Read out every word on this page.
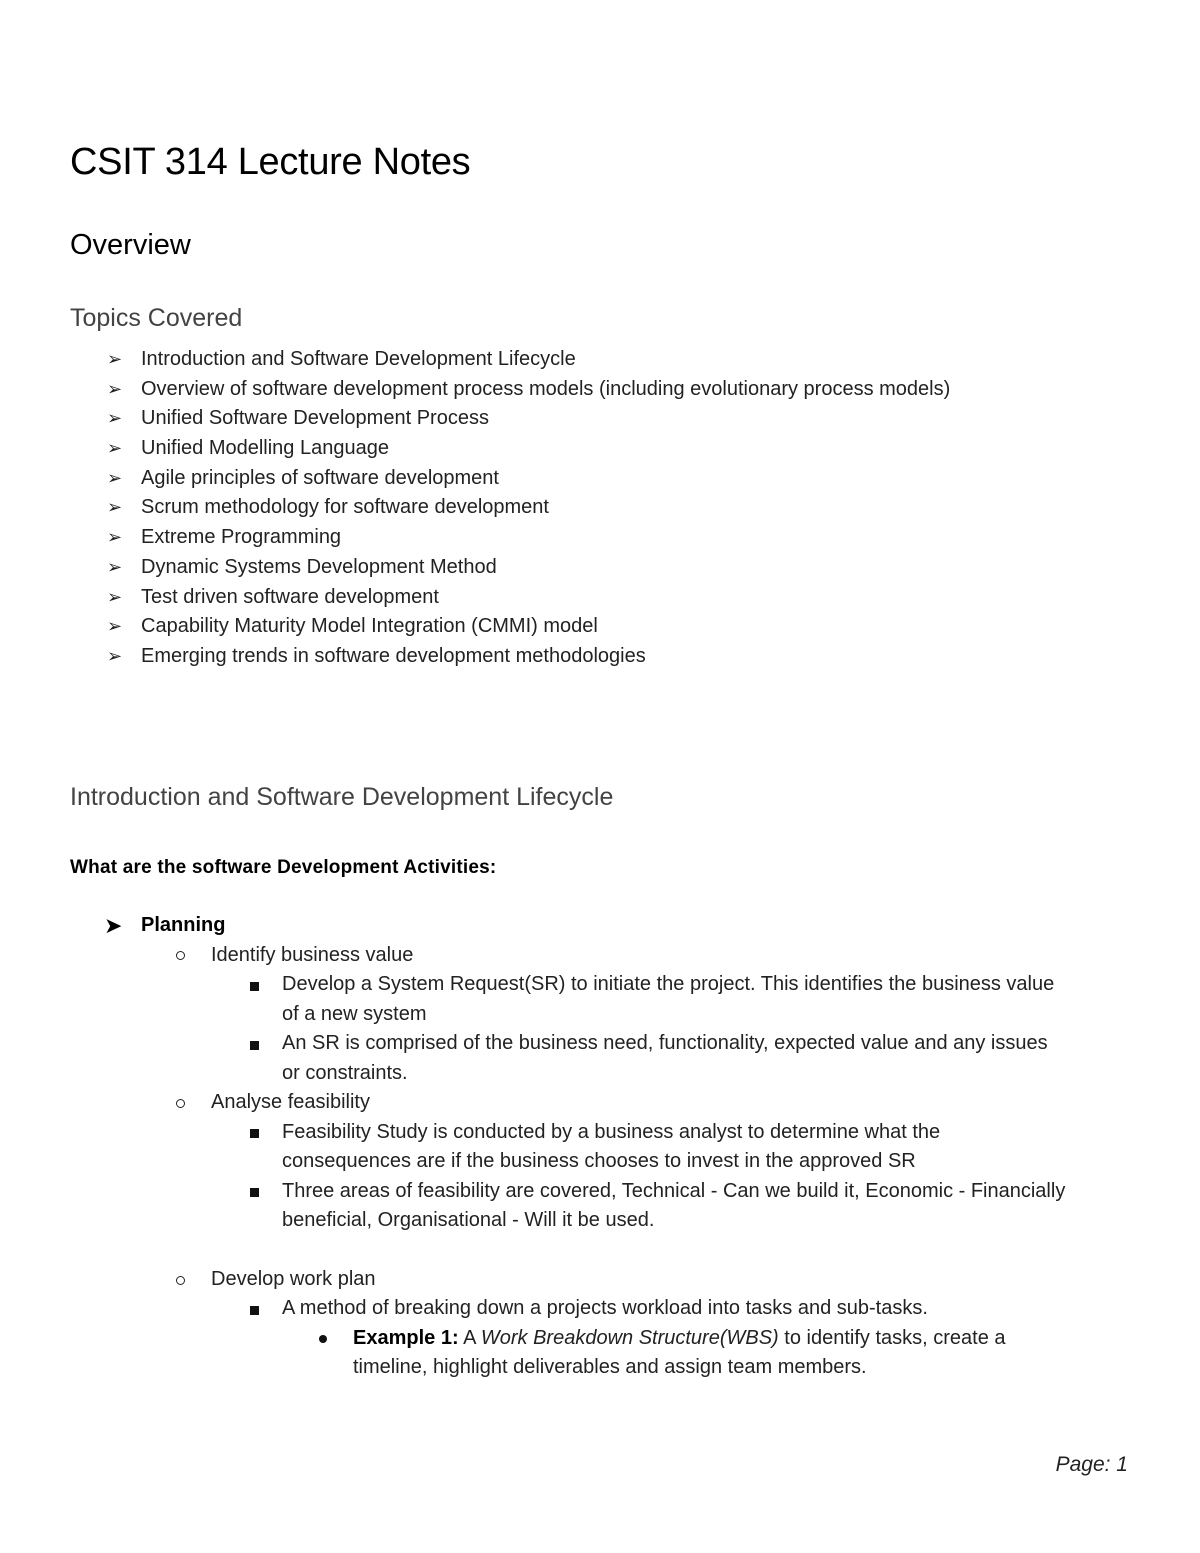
CSIT 314 Lecture Notes
Overview
Topics Covered
➢ Introduction and Software Development Lifecycle
➢ Overview of software development process models (including evolutionary process models)
➢ Unified Software Development Process
➢ Unified Modelling Language
➢ Agile principles of software development
➢ Scrum methodology for software development
➢ Extreme Programming
➢ Dynamic Systems Development Method
➢ Test driven software development
➢ Capability Maturity Model Integration (CMMI) model
➢ Emerging trends in software development methodologies
Introduction and Software Development Lifecycle

What are the software Development Activities:

➤ Planning
Identify business value
Develop a System Request(SR) to initiate the project. This identifies the business value
of a new system
An SR is comprised of the business need, functionality, expected value and any issues
or constraints.
Analyse feasibility
Feasibility Study is conducted by a business analyst to determine what the
consequences are if the business chooses to invest in the approved SR
Three areas of feasibility are covered, Technical - Can we build it, Economic - Financially
beneficial, Organisational - Will it be used.
Develop work plan
A method of breaking down a projects workload into tasks and sub-tasks.
Example 1: A Work Breakdown Structure(WBS) to identify tasks, create a
timeline, highlight deliverables and assign team members.
Page: 1
